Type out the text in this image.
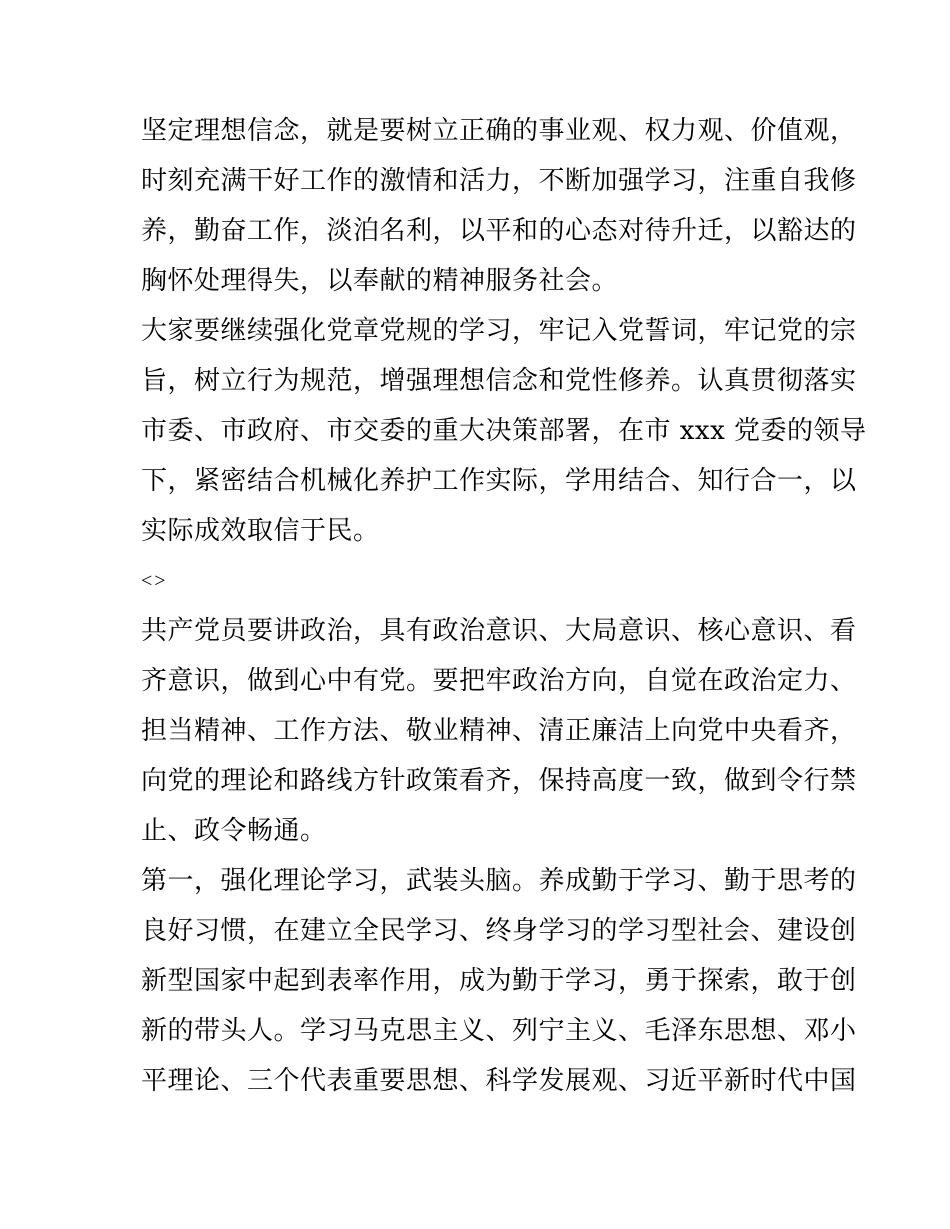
坚定理想信念，就是要树立正确的事业观、权力观、价值观，
时刻充满干好工作的激情和活力，不断加强学习，注重自我修
养，勤奋工作，淡泊名利，以平和的心态对待升迁，以豁达的
胸怀处理得失，以奉献的精神服务社会。
大家要继续强化党章党规的学习，牢记入党誓词，牢记党的宗
旨，树立行为规范，增强理想信念和党性修养。认真贯彻落实
市委、市政府、市交委的重大决策部署，在市 xxx 党委的领导
下，紧密结合机械化养护工作实际，学用结合、知行合一，以
实际成效取信于民。
<>
共产党员要讲政治，具有政治意识、大局意识、核心意识、看
齐意识，做到心中有党。要把牢政治方向，自觉在政治定力、
担当精神、工作方法、敬业精神、清正廉洁上向党中央看齐，
向党的理论和路线方针政策看齐，保持高度一致，做到令行禁
止、政令畅通。
第一，强化理论学习，武装头脑。养成勤于学习、勤于思考的
良好习惯，在建立全民学习、终身学习的学习型社会、建设创
新型国家中起到表率作用，成为勤于学习，勇于探索，敢于创
新的带头人。学习马克思主义、列宁主义、毛泽东思想、邓小
平理论、三个代表重要思想、科学发展观、习近平新时代中国
